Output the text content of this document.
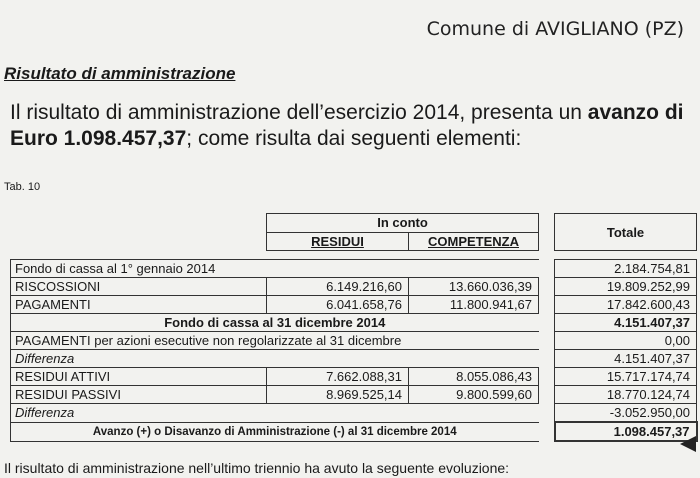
Comune di AVIGLIANO (PZ)
Risultato di amministrazione
Il risultato di amministrazione dell’esercizio 2014, presenta un avanzo di Euro 1.098.457,37; come risulta dai seguenti elementi:
Tab. 10
	In conto			Totale
	RESIDUI	COMPETENZA		

Fondo di cassa al 1° gennaio 2014				2.184.754,81
RISCOSSIONI	6.149.216,60	13.660.036,39		19.809.252,99
PAGAMENTI	6.041.658,76	11.800.941,67		17.842.600,43
Fondo di cassa al 31 dicembre 2014				4.151.407,37
PAGAMENTI per azioni esecutive non regolarizzate al 31 dicembre				0,00
Differenza				4.151.407,37
RESIDUI ATTIVI	7.662.088,31	8.055.086,43		15.717.174,74
RESIDUI PASSIVI	8.969.525,14	9.800.599,60		18.770.124,74
Differenza				-3.052.950,00
Avanzo (+) o Disavanzo di Amministrazione (-) al 31 dicembre 2014				1.098.457,37
Il risultato di amministrazione nell’ultimo triennio ha avuto la seguente evoluzione:
